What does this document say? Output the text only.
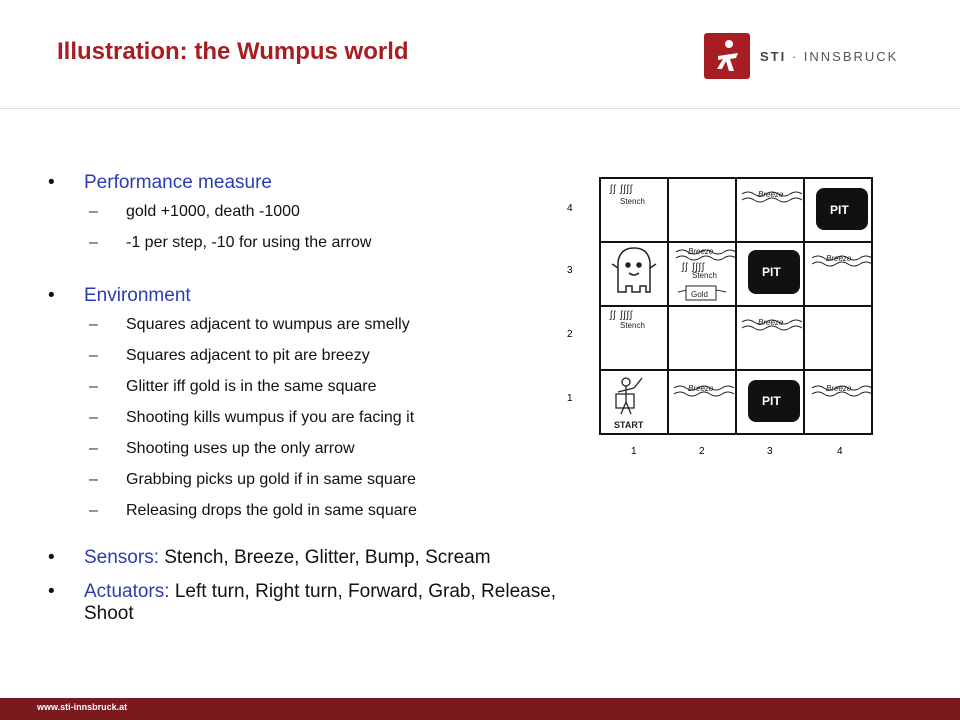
Illustration: the Wumpus world	STI · INNSBRUCK
• Performance measure
– gold +1000, death -1000
– -1 per step, -10 for using the arrow
• Environment
– Squares adjacent to wumpus are smelly
– Squares adjacent to pit are breezy
– Glitter iff gold is in the same square
– Shooting kills wumpus if you are facing it
– Shooting uses up the only arrow
– Grabbing picks up gold if in same square
– Releasing drops the gold in same square
• Sensors: Stench, Breeze, Glitter, Bump, Scream
• Actuators: Left turn, Right turn, Forward, Grab, Release, Shoot
ʃʃ ʃʃʃʃ
4
3
2
1
1	2	3	4
Stench
Breeze
PIT
Breeze
Stench
Gold
PIT
Breeze
Stench	Breeze
START
Breeze
PIT
Breeze
www.sti-innsbruck.at
